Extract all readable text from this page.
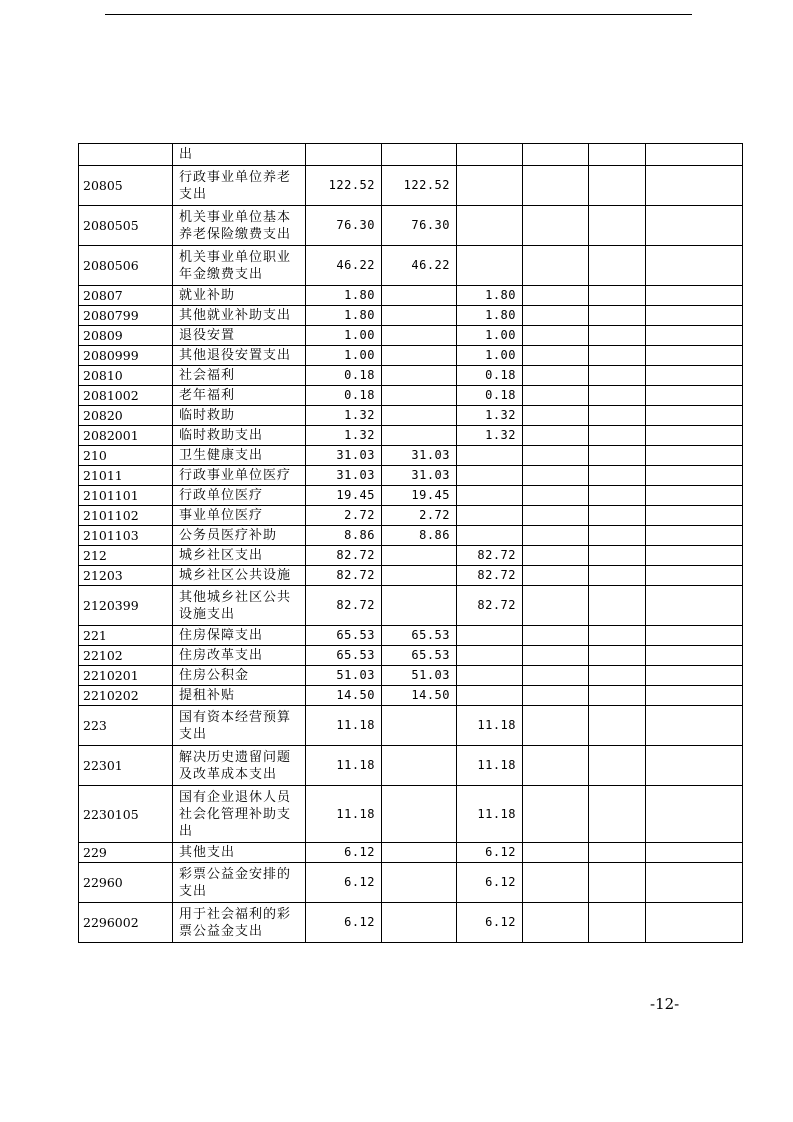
	出						
20805	行政事业单位养老支出	122.52	122.52				
2080505	机关事业单位基本养老保险缴费支出	76.30	76.30				
2080506	机关事业单位职业年金缴费支出	46.22	46.22				
20807	就业补助	1.80		1.80			
2080799	其他就业补助支出	1.80		1.80			
20809	退役安置	1.00		1.00			
2080999	其他退役安置支出	1.00		1.00			
20810	社会福利	0.18		0.18			
2081002	老年福利	0.18		0.18			
20820	临时救助	1.32		1.32			
2082001	临时救助支出	1.32		1.32			
210	卫生健康支出	31.03	31.03				
21011	行政事业单位医疗	31.03	31.03				
2101101	行政单位医疗	19.45	19.45				
2101102	事业单位医疗	2.72	2.72				
2101103	公务员医疗补助	8.86	8.86				
212	城乡社区支出	82.72		82.72			
21203	城乡社区公共设施	82.72		82.72			
2120399	其他城乡社区公共设施支出	82.72		82.72			
221	住房保障支出	65.53	65.53				
22102	住房改革支出	65.53	65.53				
2210201	住房公积金	51.03	51.03				
2210202	提租补贴	14.50	14.50				
223	国有资本经营预算支出	11.18		11.18			
22301	解决历史遗留问题及改革成本支出	11.18		11.18			
2230105	国有企业退休人员社会化管理补助支出	11.18		11.18			
229	其他支出	6.12		6.12			
22960	彩票公益金安排的支出	6.12		6.12			
2296002	用于社会福利的彩票公益金支出	6.12		6.12			
-12-
